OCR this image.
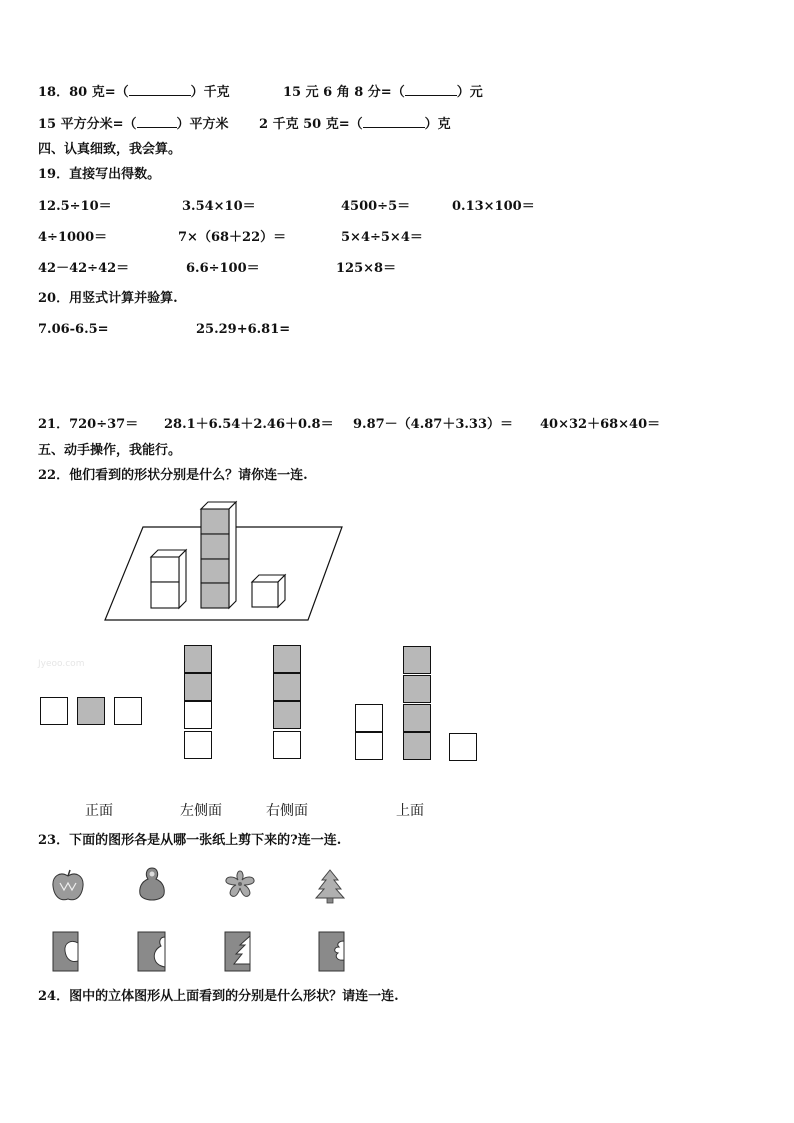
18．80 克=（	）千克	15 元 6 角 8 分=（	）元
15 平方分米=（	）平方米 2 千克 50 克=（	）克
四、认真细致，我会算。
19．直接写出得数。
12.5÷10＝	3.54×10＝	4500÷5＝	0.13×100＝
4÷1000＝	7×（68＋22）＝	5×4÷5×4＝
42－42÷42＝	6.6÷100＝	125×8＝
20．用竖式计算并验算.
7.06-6.5=	25.29+6.81=
21．720÷37＝ 28.1＋6.54＋2.46＋0.8＝ 9.87－（4.87＋3.33）＝ 40×32＋68×40＝
五、动手操作，我能行。
22．他们看到的形状分别是什么？请你连一连.
Jyeoo.com
正面	左侧面	右侧面	上面
23．下面的图形各是从哪一张纸上剪下来的?连一连.
24．图中的立体图形从上面看到的分别是什么形状？请连一连.
